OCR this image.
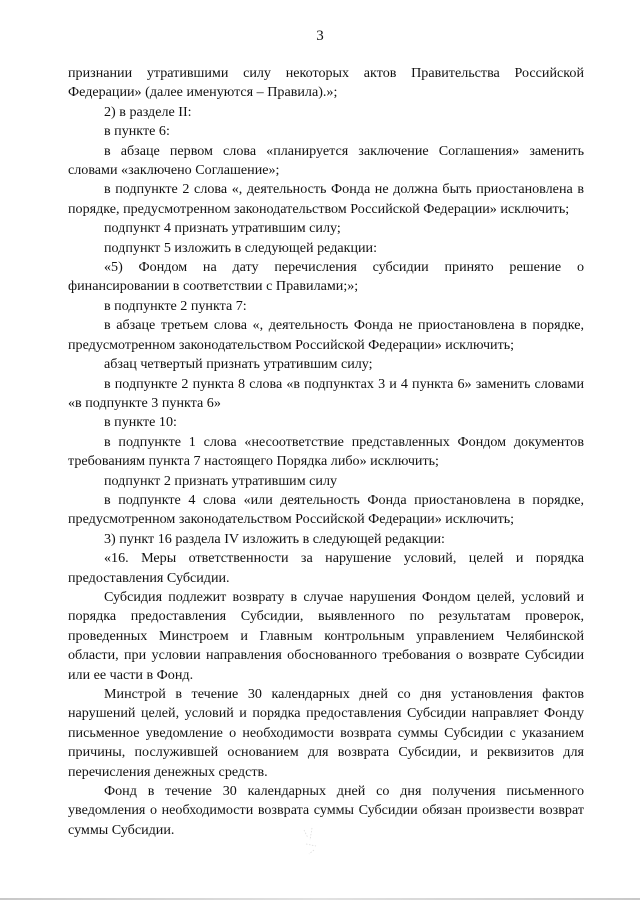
3

признании утратившими силу некоторых актов Правительства Российской Федерации» (далее именуются – Правила).»;

2) в разделе II:

в пункте 6:

в абзаце первом слова «планируется заключение Соглашения» заменить словами «заключено Соглашение»;

в подпункте 2 слова «, деятельность Фонда не должна быть приостановлена в порядке, предусмотренном законодательством Российской Федерации» исключить;

подпункт 4 признать утратившим силу;

подпункт 5 изложить в следующей редакции:

«5) Фондом на дату перечисления субсидии принято решение о финансировании в соответствии с Правилами;»;

в подпункте 2 пункта 7:

в абзаце третьем слова «, деятельность Фонда не приостановлена в порядке, предусмотренном законодательством Российской Федерации» исключить;

абзац четвертый признать утратившим силу;

в подпункте 2 пункта 8 слова «в подпунктах 3 и 4 пункта 6» заменить словами «в подпункте 3 пункта 6»

в пункте 10:

в подпункте 1 слова «несоответствие представленных Фондом документов требованиям пункта 7 настоящего Порядка либо» исключить;

подпункт 2 признать утратившим силу

в подпункте 4 слова «или деятельность Фонда приостановлена в порядке, предусмотренном законодательством Российской Федерации» исключить;

3) пункт 16 раздела IV изложить в следующей редакции:

«16. Меры ответственности за нарушение условий, целей и порядка предоставления Субсидии.

Субсидия подлежит возврату в случае нарушения Фондом целей, условий и порядка предоставления Субсидии, выявленного по результатам проверок, проведенных Минстроем и Главным контрольным управлением Челябинской области, при условии направления обоснованного требования о возврате Субсидии или ее части в Фонд.

Минстрой в течение 30 календарных дней со дня установления фактов нарушений целей, условий и порядка предоставления Субсидии направляет Фонду письменное уведомление о необходимости возврата суммы Субсидии с указанием причины, послужившей основанием для возврата Субсидии, и реквизитов для перечисления денежных средств.

Фонд в течение 30 календарных дней со дня получения письменного уведомления о необходимости возврата суммы Субсидии обязан произвести возврат суммы Субсидии.
